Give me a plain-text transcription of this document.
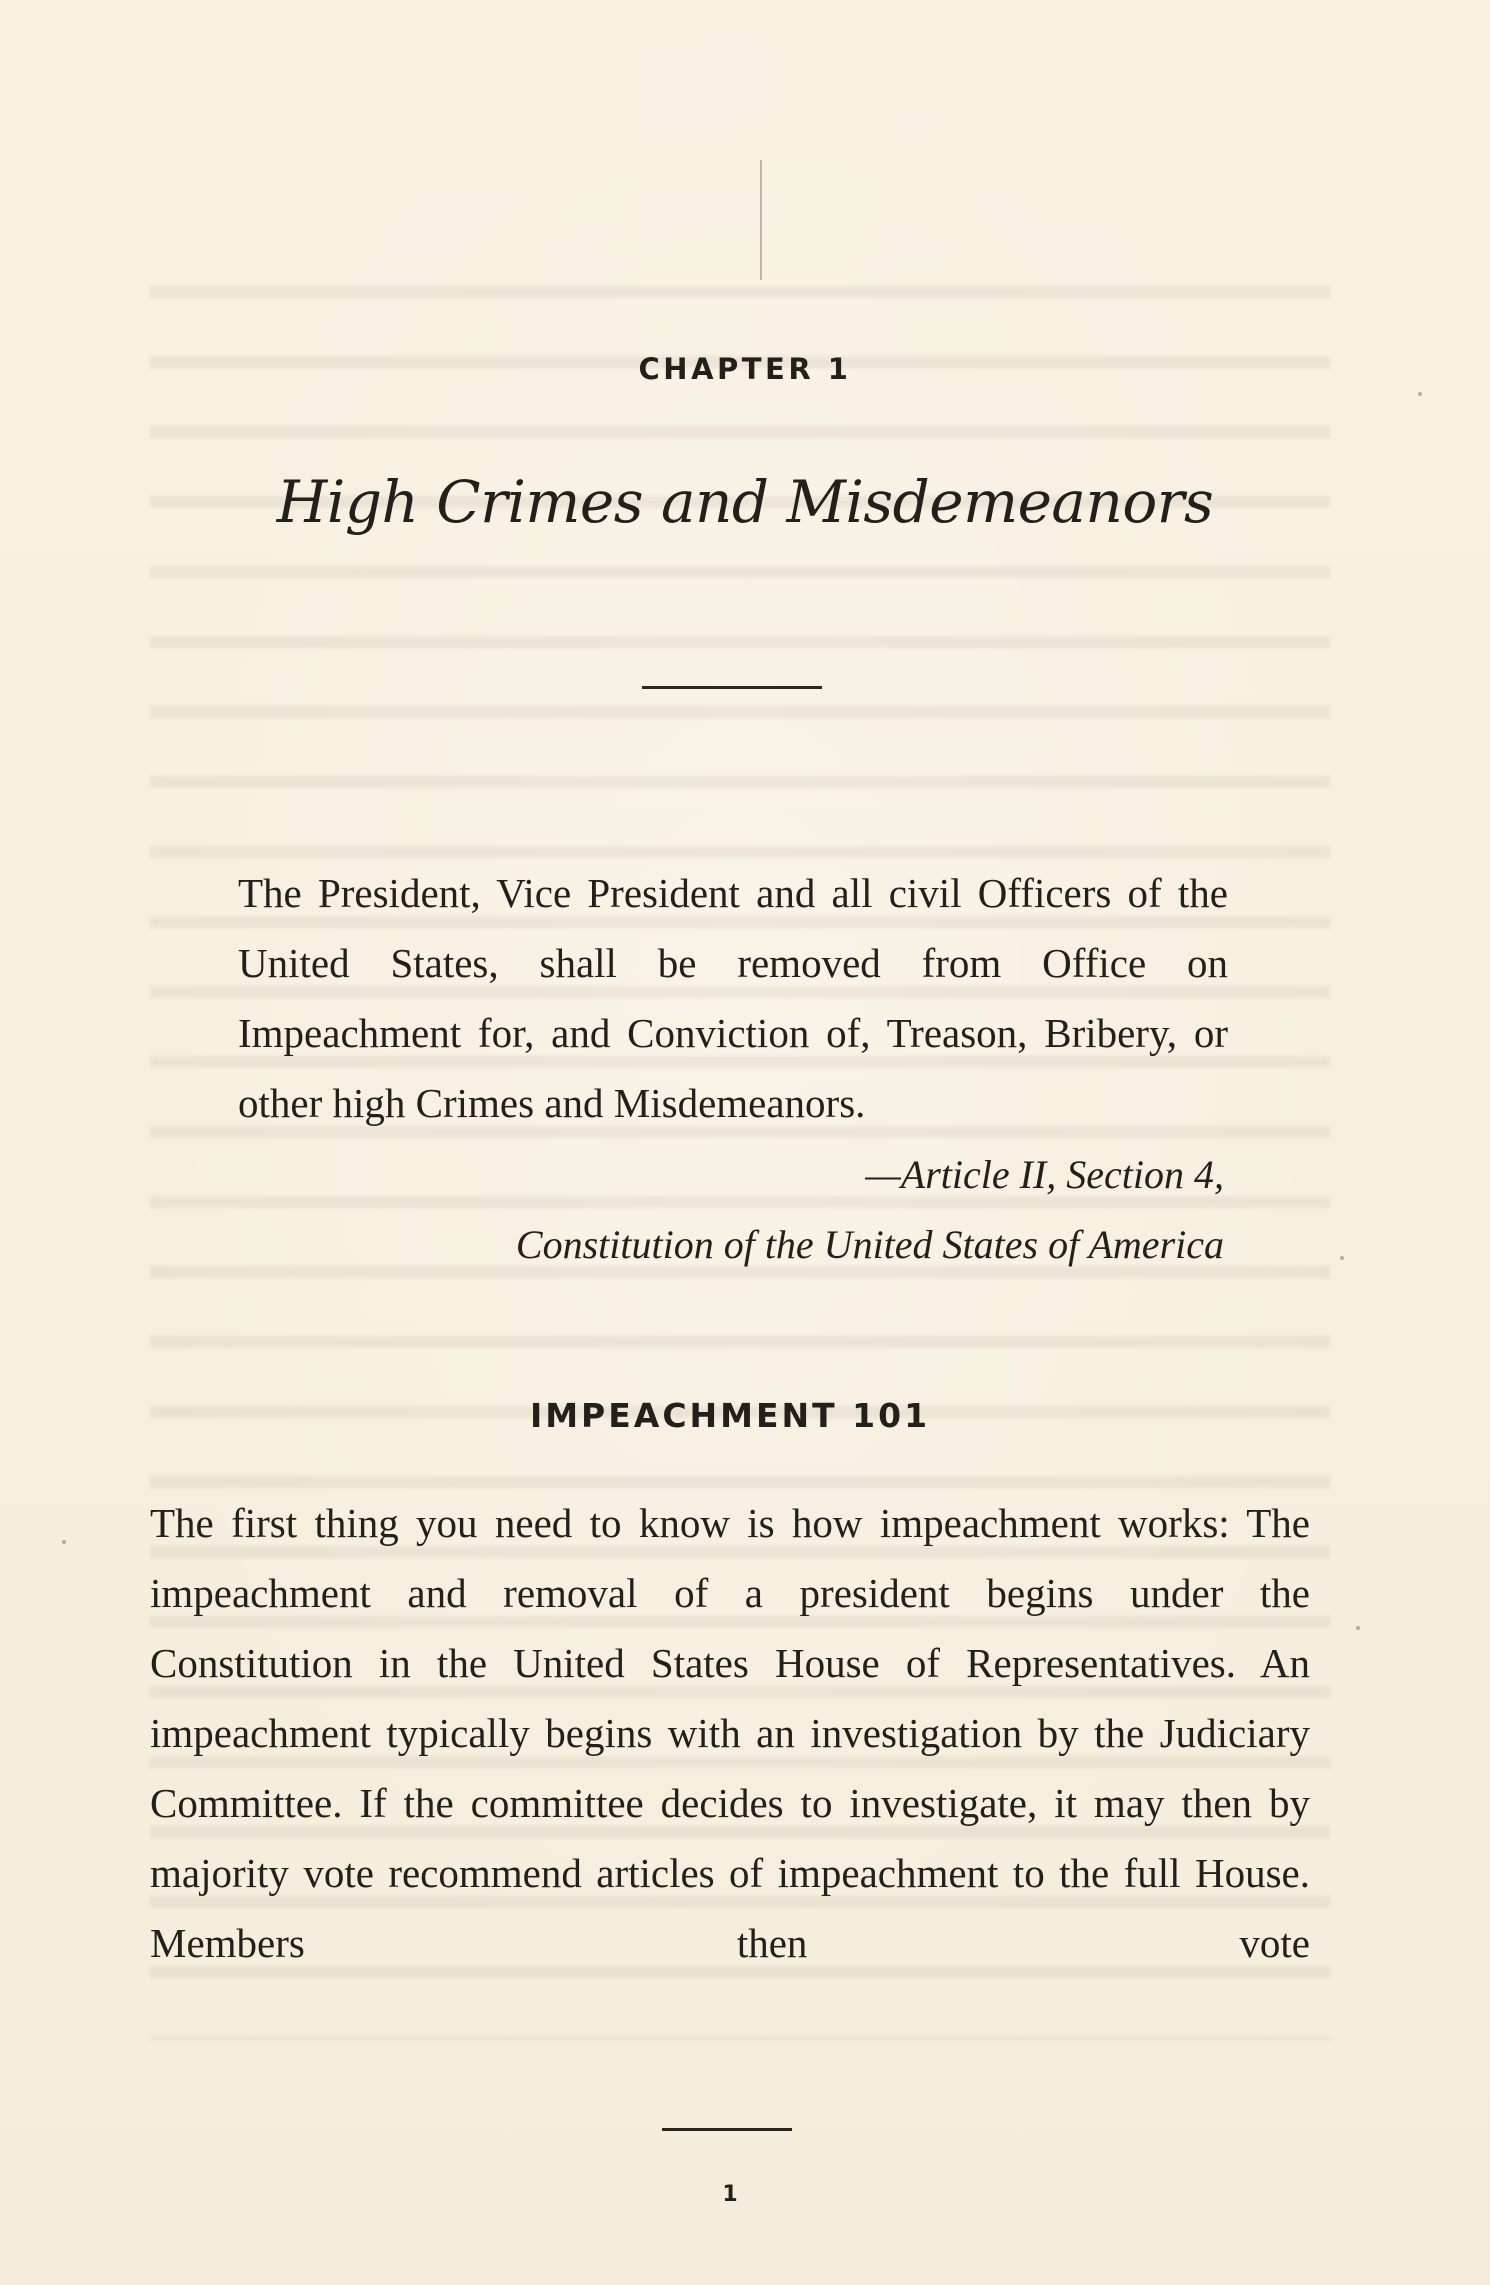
CHAPTER 1

High Crimes and Misdemeanors

The President, Vice President and all civil Officers of the United States, shall be removed from Office on Impeachment for, and Conviction of, Treason, Bribery, or other high Crimes and Misdemeanors.

—Article II, Section 4,
Constitution of the United States of America

IMPEACHMENT 101

The first thing you need to know is how impeachment works: The impeachment and removal of a president begins under the Constitution in the United States House of Representatives. An impeachment typically begins with an investigation by the Judiciary Committee. If the committee decides to investigate, it may then by majority vote recommend articles of impeachment to the full House. Members then vote

1
